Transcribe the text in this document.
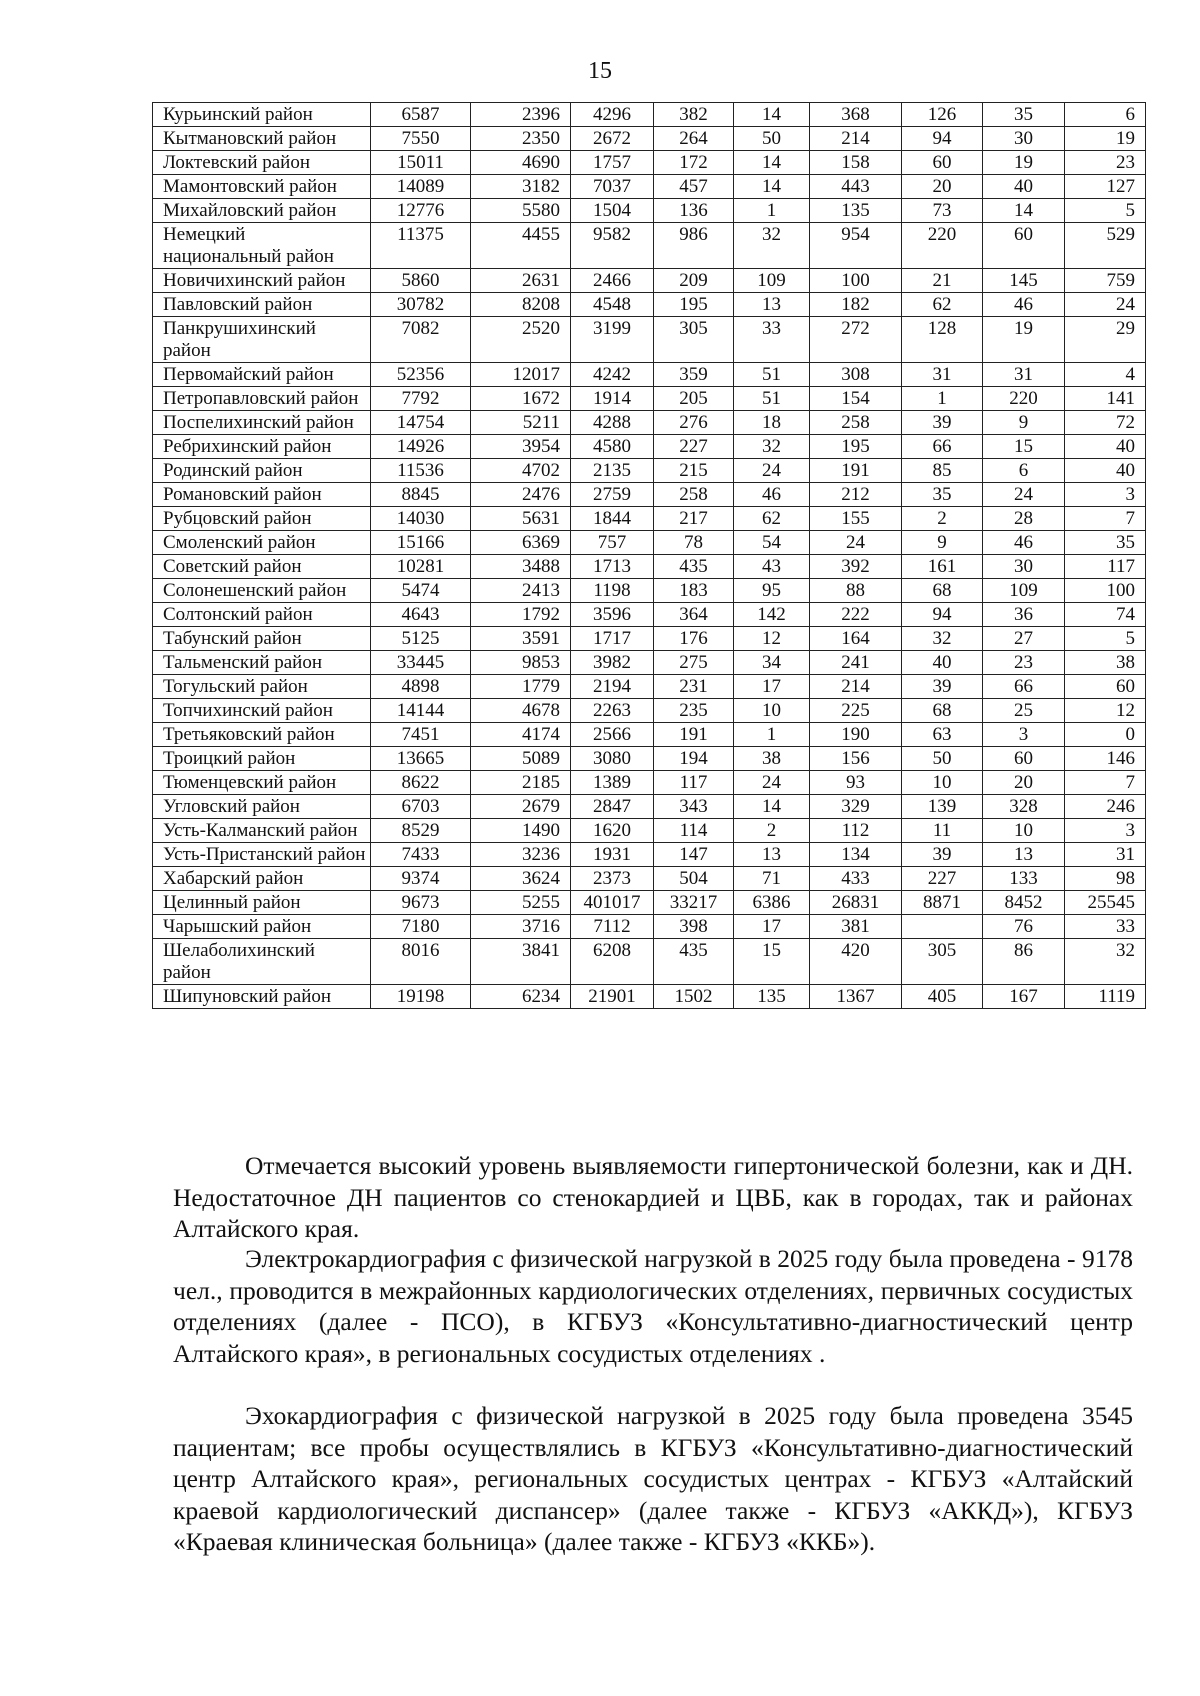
15
Курьинский район	6587	2396	4296	382	14	368	126	35	6
Кытмановский район	7550	2350	2672	264	50	214	94	30	19
Локтевский район	15011	4690	1757	172	14	158	60	19	23
Мамонтовский район	14089	3182	7037	457	14	443	20	40	127
Михайловский район	12776	5580	1504	136	1	135	73	14	5
Немецкий национальный район	11375	4455	9582	986	32	954	220	60	529
Новичихинский район	5860	2631	2466	209	109	100	21	145	759
Павловский район	30782	8208	4548	195	13	182	62	46	24
Панкрушихинский район	7082	2520	3199	305	33	272	128	19	29
Первомайский район	52356	12017	4242	359	51	308	31	31	4
Петропавловский район	7792	1672	1914	205	51	154	1	220	141
Поспелихинский район	14754	5211	4288	276	18	258	39	9	72
Ребрихинский район	14926	3954	4580	227	32	195	66	15	40
Родинский район	11536	4702	2135	215	24	191	85	6	40
Романовский район	8845	2476	2759	258	46	212	35	24	3
Рубцовский район	14030	5631	1844	217	62	155	2	28	7
Смоленский район	15166	6369	757	78	54	24	9	46	35
Советский район	10281	3488	1713	435	43	392	161	30	117
Солонешенский район	5474	2413	1198	183	95	88	68	109	100
Солтонский район	4643	1792	3596	364	142	222	94	36	74
Табунский район	5125	3591	1717	176	12	164	32	27	5
Тальменский район	33445	9853	3982	275	34	241	40	23	38
Тогульский район	4898	1779	2194	231	17	214	39	66	60
Топчихинский район	14144	4678	2263	235	10	225	68	25	12
Третьяковский район	7451	4174	2566	191	1	190	63	3	0
Троицкий район	13665	5089	3080	194	38	156	50	60	146
Тюменцевский район	8622	2185	1389	117	24	93	10	20	7
Угловский район	6703	2679	2847	343	14	329	139	328	246
Усть-Калманский район	8529	1490	1620	114	2	112	11	10	3
Усть-Пристанский район	7433	3236	1931	147	13	134	39	13	31
Хабарский район	9374	3624	2373	504	71	433	227	133	98
Целинный район	9673	5255	401017	33217	6386	26831	8871	8452	25545
Чарышский район	7180	3716	7112	398	17	381		76	33
Шелаболихинский район	8016	3841	6208	435	15	420	305	86	32
Шипуновский район	19198	6234	21901	1502	135	1367	405	167	1119

Отмечается высокий уровень выявляемости гипертонической болезни, как и ДН. Недостаточное ДН пациентов со стенокардией и ЦВБ, как в городах, так и районах Алтайского края.

Электрокардиография с физической нагрузкой в 2025 году была проведена - 9178 чел., проводится в межрайонных кардиологических отделениях, первичных сосудистых отделениях (далее - ПСО), в КГБУЗ «Консультативно-диагностический центр Алтайского края», в региональных сосудистых отделениях .

Эхокардиография с физической нагрузкой в 2025 году была проведена 3545 пациентам; все пробы осуществлялись в КГБУЗ «Консультативно-диагностический центр Алтайского края», региональных сосудистых центрах - КГБУЗ «Алтайский краевой кардиологический диспансер» (далее также - КГБУЗ «АККД»), КГБУЗ «Краевая клиническая больница» (далее также - КГБУЗ «ККБ»).
